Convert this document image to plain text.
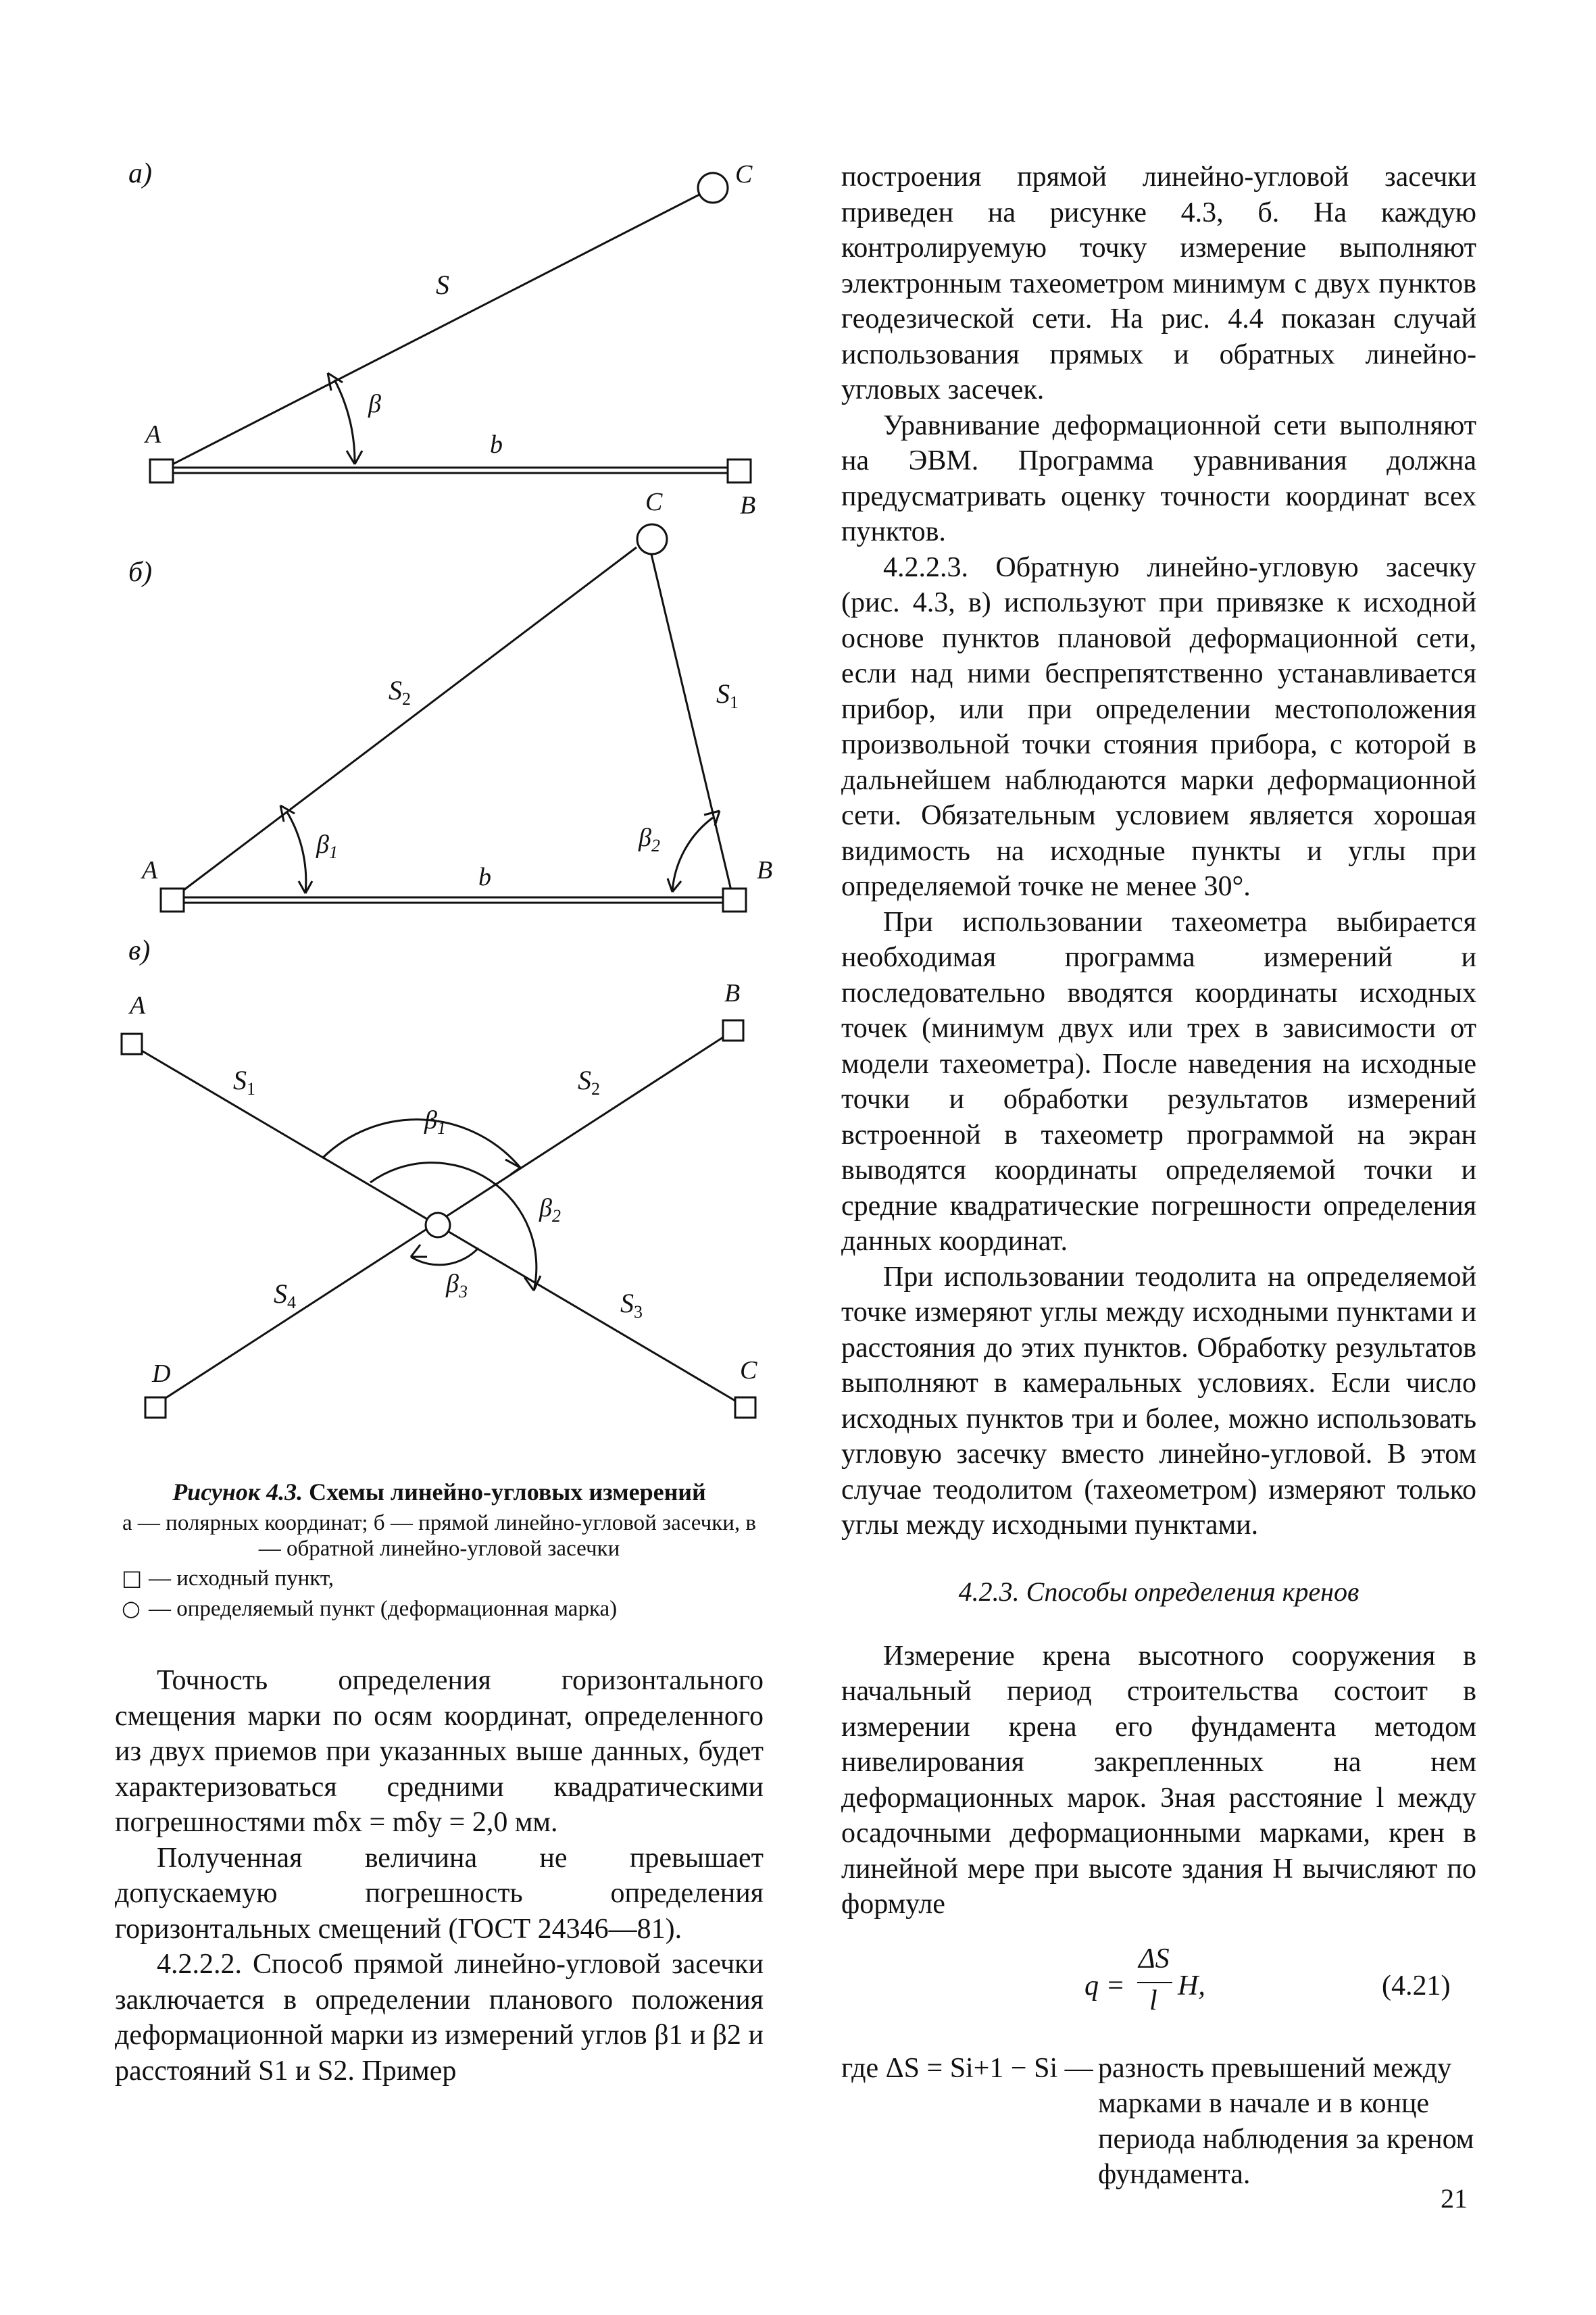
а)
A
B
C
S
b
β
б)
A	B
C
$S_2$	$S_1$
b
$\beta_1$
$\beta_2$
в)
A	B
C
D
$S_1$	$S_2$
$S_3$
$S_4$
$\beta_1$
$\beta_2$
$\beta_3$

Рисунок 4.3. Схемы линейно-угловых измерений

а — полярных координат; б — прямой линейно-угловой засечки, в — обратной линейно-угловой засечки

□ — исходный пункт,
○ — определяемый пункт (деформационная марка)

Точность определения горизонтального смещения марки по осям координат, определенного из двух приемов при указанных выше данных, будет характеризоваться средними квадратическими погрешностями mδx = mδy = 2,0 мм.

Полученная величина не превышает допускаемую погрешность определения горизонтальных смещений (ГОСТ 24346—81).

4.2.2.2. Способ прямой линейно-угловой засечки заключается в определении планового положения деформационной марки из измерений углов β1 и β2 и расстояний S1 и S2. Пример

построения прямой линейно-угловой засечки приведен на рисунке 4.3, б. На каждую контролируемую точку измерение выполняют электронным тахеометром минимум с двух пунктов геодезической сети. На рис. 4.4 показан случай использования прямых и обратных линейно-угловых засечек.

Уравнивание деформационной сети выполняют на ЭВМ. Программа уравнивания должна предусматривать оценку точности координат всех пунктов.

4.2.2.3. Обратную линейно-угловую засечку (рис. 4.3, в) используют при привязке к исходной основе пунктов плановой деформационной сети, если над ними беспрепятственно устанавливается прибор, или при определении местоположения произвольной точки стояния прибора, с которой в дальнейшем наблюдаются марки деформационной сети. Обязательным условием является хорошая видимость на исходные пункты и углы при определяемой точке не менее 30°.

При использовании тахеометра выбирается необходимая программа измерений и последовательно вводятся координаты исходных точек (минимум двух или трех в зависимости от модели тахеометра). После наведения на исходные точки и обработки результатов измерений встроенной в тахеометр программой на экран выводятся координаты определяемой точки и средние квадратические погрешности определения данных координат.

При использовании теодолита на определяемой точке измеряют углы между исходными пунктами и расстояния до этих пунктов. Обработку результатов выполняют в камеральных условиях. Если число исходных пунктов три и более, можно использовать угловую засечку вместо линейно-угловой. В этом случае теодолитом (тахеометром) измеряют только углы между исходными пунктами.

4.2.3. Способы определения кренов

Измерение крена высотного сооружения в начальный период строительства состоит в измерении крена его фундамента методом нивелирования закрепленных на нем деформационных марок. Зная расстояние l между осадочными деформационными марками, крен в линейной мере при высоте здания H вычисляют по формуле

q =
ΔS
l H,	(4.21)
где ΔS = Si+1 − Si — разность превышений между марками в начале и в конце периода наблюдения за креном фундамента.
21
